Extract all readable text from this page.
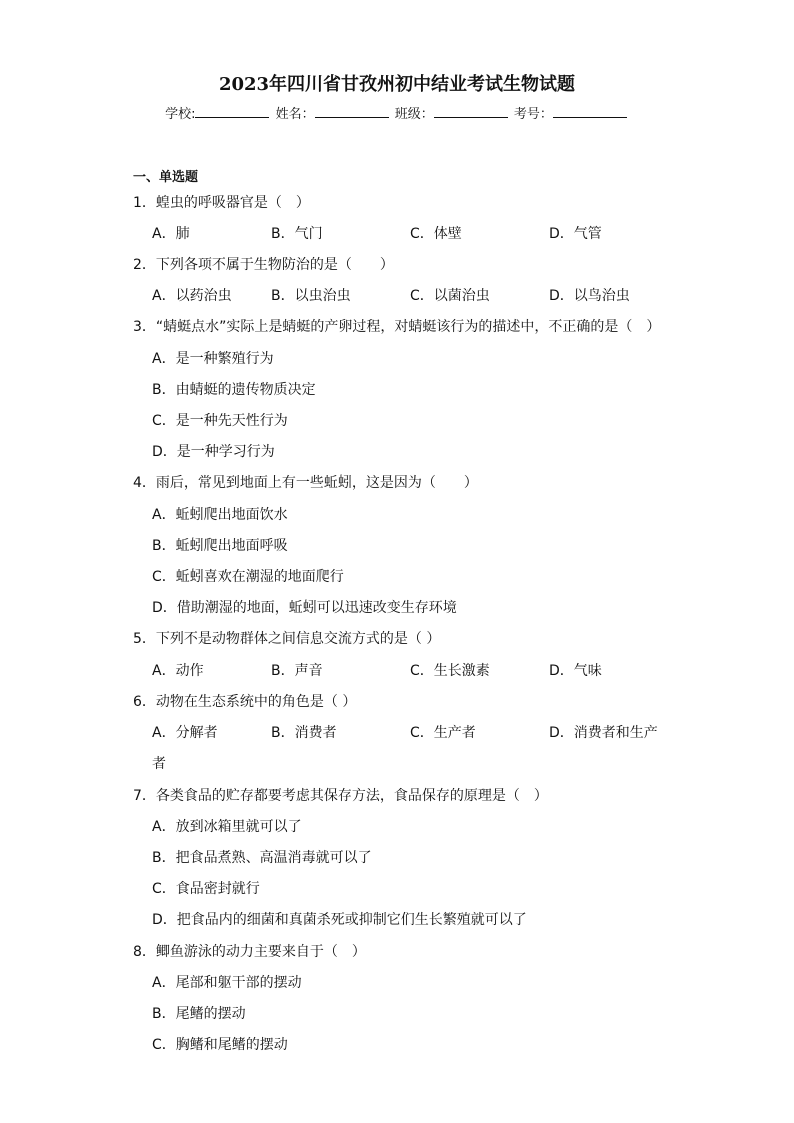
2023年四川省甘孜州初中结业考试生物试题
学校:	姓名：	班级：	考号：
一、单选题
1．蝗虫的呼吸器官是（　）
A．肺	B．气门	C．体壁	D．气管
2．下列各项不属于生物防治的是（　　）
A．以药治虫	B．以虫治虫	C．以菌治虫	D．以鸟治虫
3．“蜻蜓点水”实际上是蜻蜓的产卵过程，对蜻蜓该行为的描述中，不正确的是（　）
A．是一种繁殖行为
B．由蜻蜓的遗传物质决定
C．是一种先天性行为
D．是一种学习行为
4．雨后，常见到地面上有一些蚯蚓，这是因为（　　）
A．蚯蚓爬出地面饮水
B．蚯蚓爬出地面呼吸
C．蚯蚓喜欢在潮湿的地面爬行
D．借助潮湿的地面，蚯蚓可以迅速改变生存环境
5．下列不是动物群体之间信息交流方式的是（ ）
A．动作	B．声音	C．生长激素	D．气味
6．动物在生态系统中的角色是（ ）
A．分解者	B．消费者	C．生产者	D．消费者和生产
者
7．各类食品的贮存都要考虑其保存方法，食品保存的原理是（　）
A．放到冰箱里就可以了
B．把食品煮熟、高温消毒就可以了
C．食品密封就行
D．把食品内的细菌和真菌杀死或抑制它们生长繁殖就可以了
8．鲫鱼游泳的动力主要来自于（　）
A．尾部和躯干部的摆动
B．尾鳍的摆动
C．胸鳍和尾鳍的摆动
